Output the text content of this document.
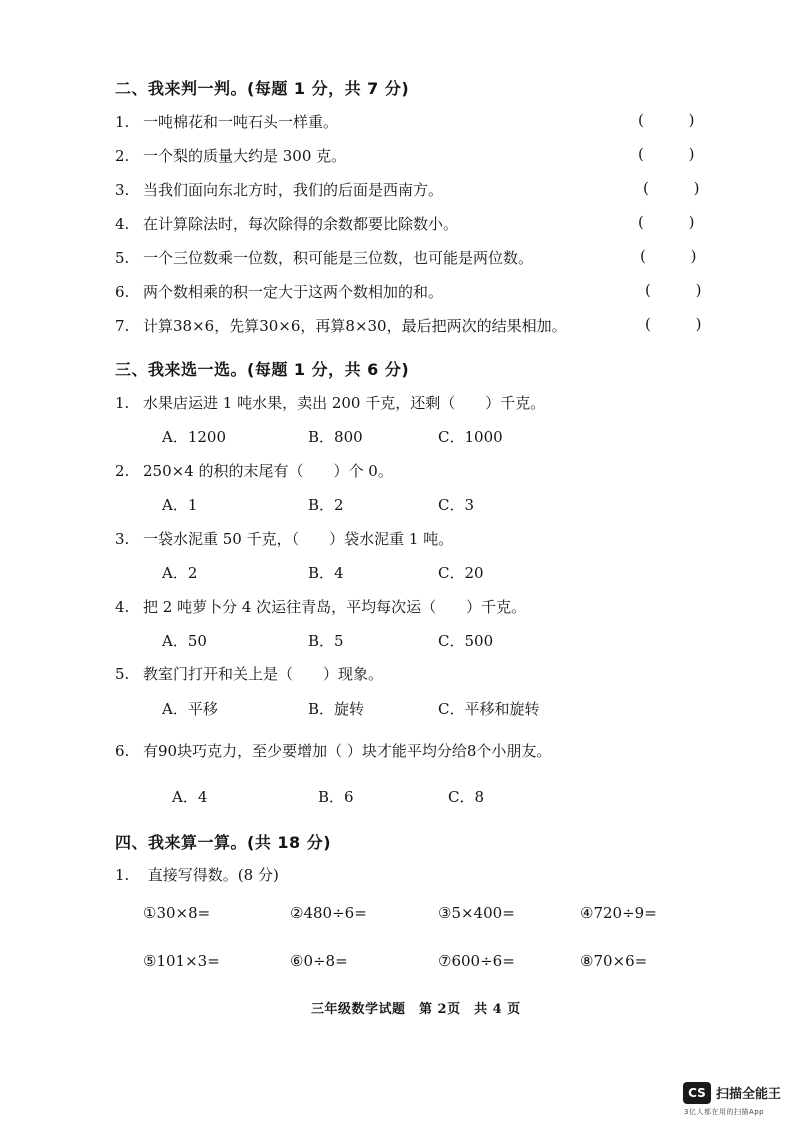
二、我来判一判。(每题 1 分，共 7 分)
1. 一吨棉花和一吨石头一样重。	( )
2. 一个梨的质量大约是 300 克。	( )
3. 当我们面向东北方时，我们的后面是西南方。	( )
4. 在计算除法时，每次除得的余数都要比除数小。	( )
5. 一个三位数乘一位数，积可能是三位数，也可能是两位数。	( )
6. 两个数相乘的积一定大于这两个数相加的和。	( )
7. 计算38×6，先算30×6，再算8×30，最后把两次的结果相加。	( )
三、我来选一选。(每题 1 分，共 6 分)
1. 水果店运进 1 吨水果，卖出 200 千克，还剩（　　）千克。
A．1200	B．800	C．1000
2. 250×4 的积的末尾有（　　）个 0。
A．1	B．2	C．3
3. 一袋水泥重 50 千克，（　　）袋水泥重 1 吨。
A．2	B．4	C．20
4. 把 2 吨萝卜分 4 次运往青岛，平均每次运（　　）千克。
A．50	B．5	C．500
5. 教室门打开和关上是（　　）现象。
A．平移	B．旋转	C．平移和旋转
6. 有90块巧克力，至少要增加（ ）块才能平均分给8个小朋友。
A．4	B．6	C．8
四、我来算一算。(共 18 分)
1. 直接写得数。(8 分)
①30×8=	②480÷6=	③5×400=	④720÷9=
⑤101×3=	⑥0÷8=	⑦600÷6=	⑧70×6=
三年级数学试题　第 2页　共 4 页
CS 扫描全能王
3亿人都在用的扫描App
